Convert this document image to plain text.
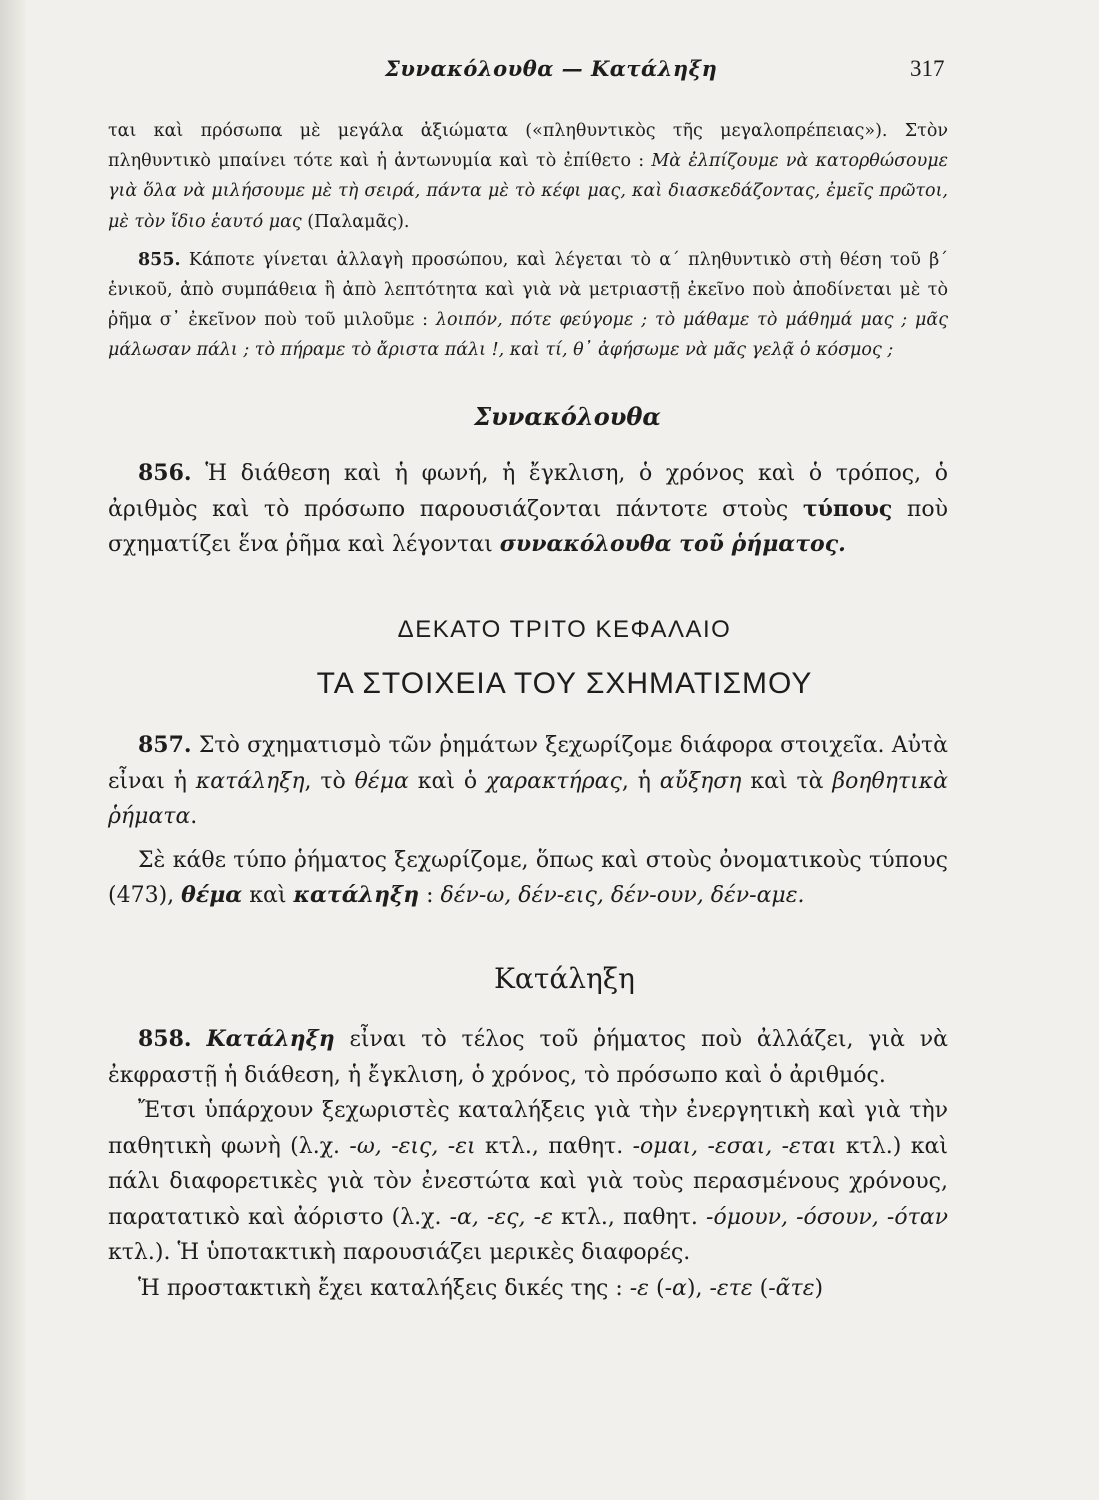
Συνακόλουθα — Κατάληξη	317

ται καὶ πρόσωπα μὲ μεγάλα ἀξιώματα («πληθυντικὸς τῆς μεγαλοπρέπειας»). Στὸν πληθυντικὸ μπαίνει τότε καὶ ἡ ἀντωνυμία καὶ τὸ ἐπίθετο : Μὰ ἐλπίζουμε νὰ κατορθώσουμε γιὰ ὅλα νὰ μιλήσουμε μὲ τὴ σειρά, πάντα μὲ τὸ κέφι μας, καὶ διασκεδάζοντας, ἐμεῖς πρῶτοι, μὲ τὸν ἴδιο ἑαυτό μας (Παλαμᾶς).

855. Κάποτε γίνεται ἀλλαγὴ προσώπου, καὶ λέγεται τὸ α΄ πληθυντικὸ στὴ θέση τοῦ β΄ ἑνικοῦ, ἀπὸ συμπάθεια ἢ ἀπὸ λεπτότητα καὶ γιὰ νὰ μετριαστῇ ἐκεῖνο ποὺ ἀποδίνεται μὲ τὸ ῥῆμα σ᾿ ἐκεῖνον ποὺ τοῦ μιλοῦμε : λοιπόν, πότε φεύγομε ; τὸ μάθαμε τὸ μάθημά μας ; μᾶς μάλωσαν πάλι ; τὸ πήραμε τὸ ἄριστα πάλι !, καὶ τί, θ᾿ ἀφήσωμε νὰ μᾶς γελᾷ ὁ κόσμος ;

Συνακόλουθα

856. Ἡ διάθεση καὶ ἡ φωνή, ἡ ἔγκλιση, ὁ χρόνος καὶ ὁ τρόπος, ὁ ἀριθμὸς καὶ τὸ πρόσωπο παρουσιάζονται πάντοτε στοὺς τύπους ποὺ σχηματίζει ἕνα ῥῆμα καὶ λέγονται συνακόλουθα τοῦ ῥήματος.

ΔΕΚΑΤΟ ΤΡΙΤΟ ΚΕΦΑΛΑΙΟ
ΤΑ ΣΤΟΙΧΕΙΑ ΤΟΥ ΣΧΗΜΑΤΙΣΜΟΥ

857. Στὸ σχηματισμὸ τῶν ῥημάτων ξεχωρίζομε διάφορα στοιχεῖα. Αὐτὰ εἶναι ἡ κατάληξη, τὸ θέμα καὶ ὁ χαρακτήρας, ἡ αὔξηση καὶ τὰ βοηθητικὰ ῥήματα.

Σὲ κάθε τύπο ῥήματος ξεχωρίζομε, ὅπως καὶ στοὺς ὀνοματικοὺς τύπους (473), θέμα καὶ κατάληξη : δέν-ω, δέν-εις, δέν-ουν, δέν-αμε.

Κατάληξη

858. Κατάληξη εἶναι τὸ τέλος τοῦ ῥήματος ποὺ ἀλλάζει, γιὰ νὰ ἐκφραστῇ ἡ διάθεση, ἡ ἔγκλιση, ὁ χρόνος, τὸ πρόσωπο καὶ ὁ ἀριθμός.

Ἔτσι ὑπάρχουν ξεχωριστὲς καταλήξεις γιὰ τὴν ἐνεργητικὴ καὶ γιὰ τὴν παθητικὴ φωνὴ (λ.χ. -ω, -εις, -ει κτλ., παθητ. -ομαι, -εσαι, -εται κτλ.) καὶ πάλι διαφορετικὲς γιὰ τὸν ἐνεστώτα καὶ γιὰ τοὺς περασμένους χρόνους, παρατατικὸ καὶ ἀόριστο (λ.χ. -α, -ες, -ε κτλ., παθητ. -όμουν, -όσουν, -όταν κτλ.). Ἡ ὑποτακτικὴ παρουσιάζει μερικὲς διαφορές.

Ἡ προστακτικὴ ἔχει καταλήξεις δικές της : -ε (-α), -ετε (-ᾶτε)
